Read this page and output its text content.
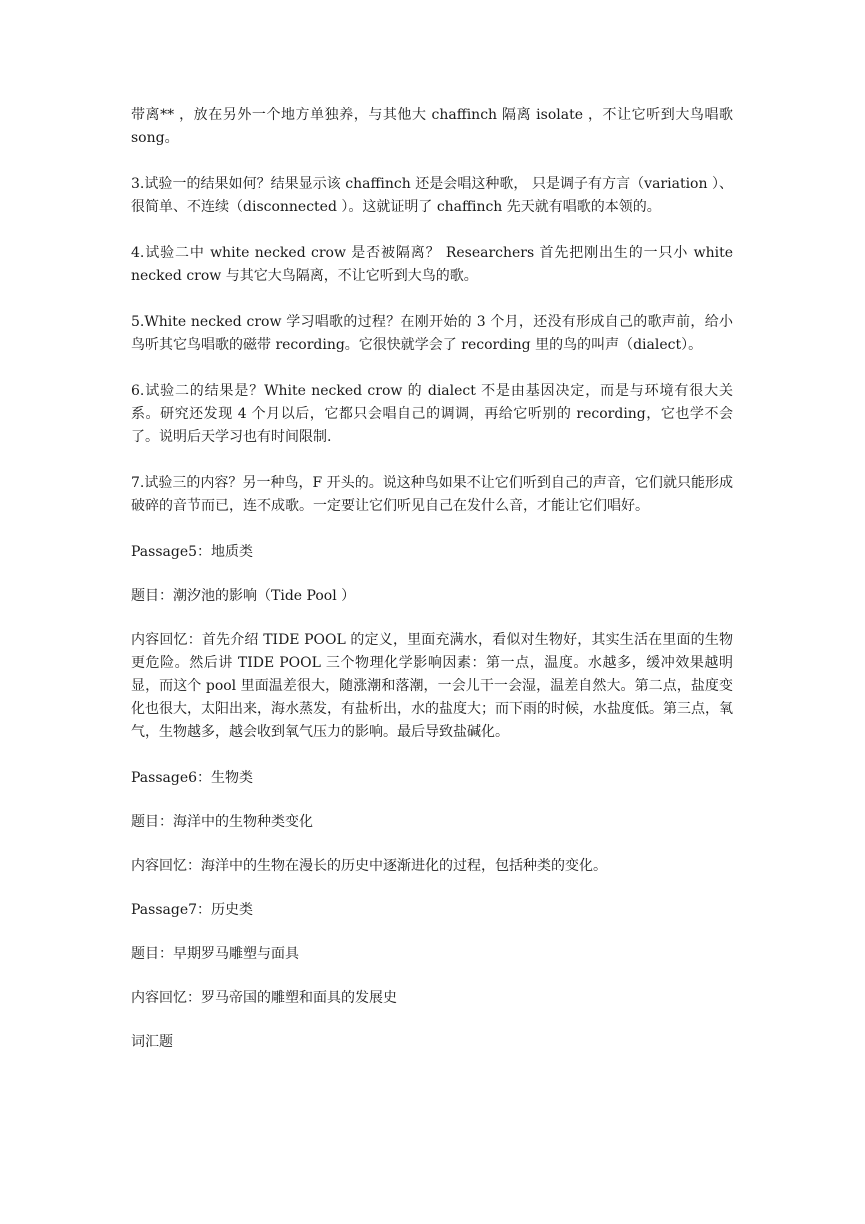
带离** ，放在另外一个地方单独养，与其他大 chaffinch 隔离 isolate ，不让它听到大鸟唱歌 song。

3.试验一的结果如何？结果显示该 chaffinch 还是会唱这种歌， 只是调子有方言（variation ）、很简单、不连续（disconnected ）。这就证明了 chaffinch 先天就有唱歌的本领的。

4.试验二中 white necked crow 是否被隔离？ Researchers 首先把刚出生的一只小 white necked crow 与其它大鸟隔离，不让它听到大鸟的歌。

5.White necked crow 学习唱歌的过程？在刚开始的 3 个月，还没有形成自己的歌声前，给小鸟听其它鸟唱歌的磁带 recording。它很快就学会了 recording 里的鸟的叫声（dialect）。

6.试验二的结果是？White necked crow 的 dialect 不是由基因决定，而是与环境有很大关系。研究还发现 4 个月以后，它都只会唱自己的调调，再给它听别的 recording，它也学不会了。说明后天学习也有时间限制.

7.试验三的内容？另一种鸟，F 开头的。说这种鸟如果不让它们听到自己的声音，它们就只能形成破碎的音节而已，连不成歌。一定要让它们听见自己在发什么音，才能让它们唱好。

Passage5：地质类

题目：潮汐池的影响（Tide Pool ）

内容回忆：首先介绍 TIDE POOL 的定义，里面充满水，看似对生物好，其实生活在里面的生物更危险。然后讲 TIDE POOL 三个物理化学影响因素：第一点，温度。水越多，缓冲效果越明显，而这个 pool 里面温差很大，随涨潮和落潮，一会儿干一会湿，温差自然大。第二点，盐度变化也很大，太阳出来，海水蒸发，有盐析出，水的盐度大；而下雨的时候，水盐度低。第三点，氧气，生物越多，越会收到氧气压力的影响。最后导致盐碱化。

Passage6：生物类

题目：海洋中的生物种类变化

内容回忆：海洋中的生物在漫长的历史中逐渐进化的过程，包括种类的变化。

Passage7：历史类

题目：早期罗马雕塑与面具

内容回忆：罗马帝国的雕塑和面具的发展史

词汇题
